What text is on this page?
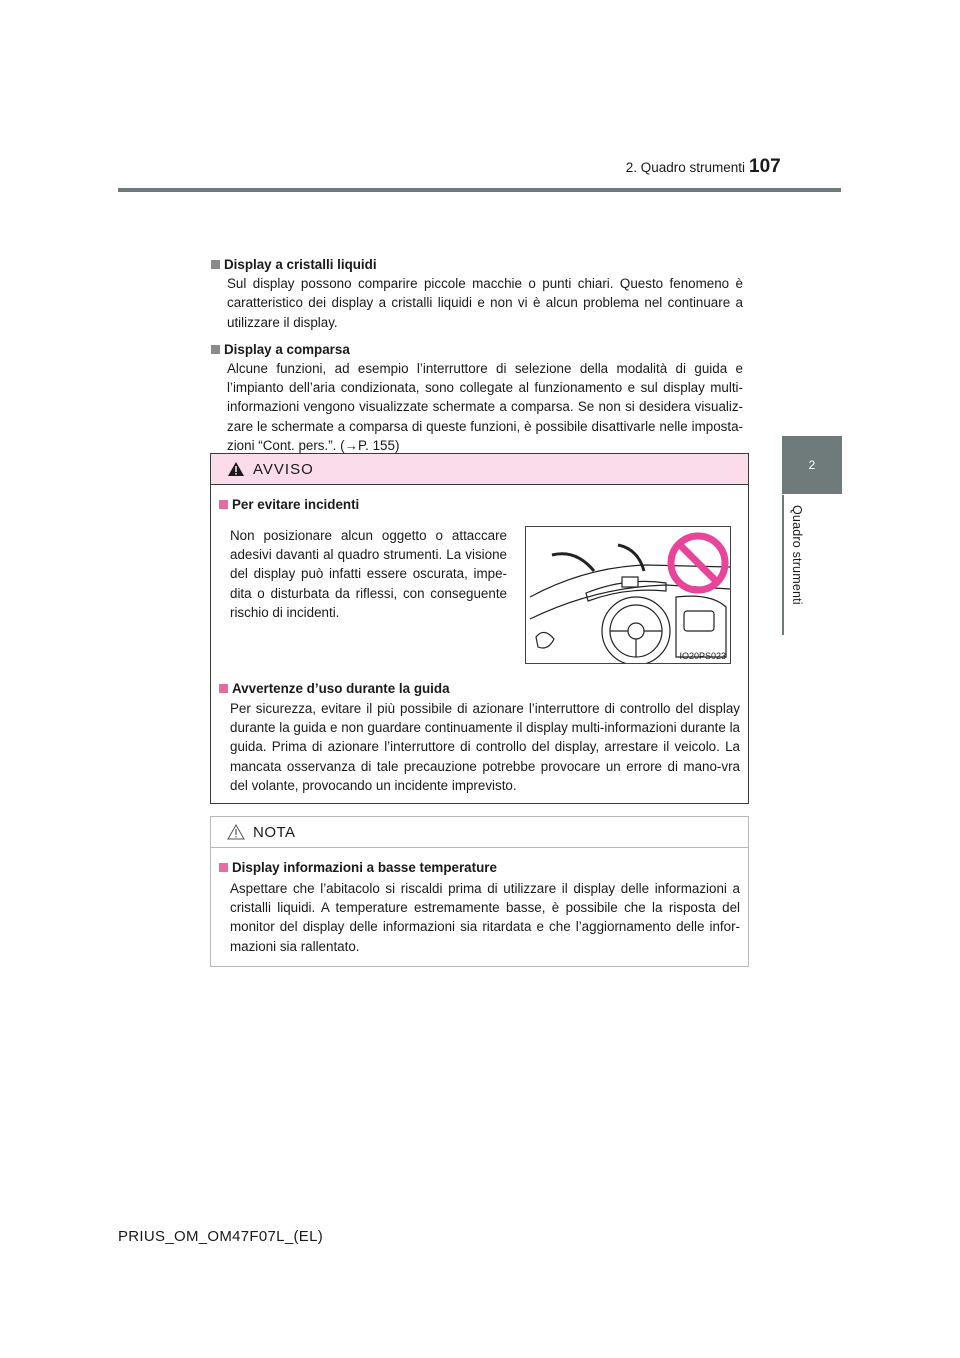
2. Quadro strumenti 107
2
Quadro strumenti
Display a cristalli liquidi
Sul display possono comparire piccole macchie o punti chiari. Questo fenomeno è caratteristico dei display a cristalli liquidi e non vi è alcun problema nel continuare a utilizzare il display.
Display a comparsa
Alcune funzioni, ad esempio l’interruttore di selezione della modalità di guida e l’impianto dell’aria condizionata, sono collegate al funzionamento e sul display multi-informazioni vengono visualizzate schermate a comparsa. Se non si desidera visualiz-zare le schermate a comparsa di queste funzioni, è possibile disattivarle nelle imposta-zioni “Cont. pers.”. (→P. 155)
AVVISO
Per evitare incidenti
Non posizionare alcun oggetto o attaccare adesivi davanti al quadro strumenti. La visione del display può infatti essere oscurata, impe-dita o disturbata da riflessi, con conseguente rischio di incidenti.
IO20PS023
Avvertenze d’uso durante la guida
Per sicurezza, evitare il più possibile di azionare l’interruttore di controllo del display durante la guida e non guardare continuamente il display multi-informazioni durante la guida. Prima di azionare l’interruttore di controllo del display, arrestare il veicolo. La mancata osservanza di tale precauzione potrebbe provocare un errore di mano-vra del volante, provocando un incidente imprevisto.
NOTA
Display informazioni a basse temperature
Aspettare che l’abitacolo si riscaldi prima di utilizzare il display delle informazioni a cristalli liquidi. A temperature estremamente basse, è possibile che la risposta del monitor del display delle informazioni sia ritardata e che l’aggiornamento delle infor-mazioni sia rallentato.
PRIUS_OM_OM47F07L_(EL)
